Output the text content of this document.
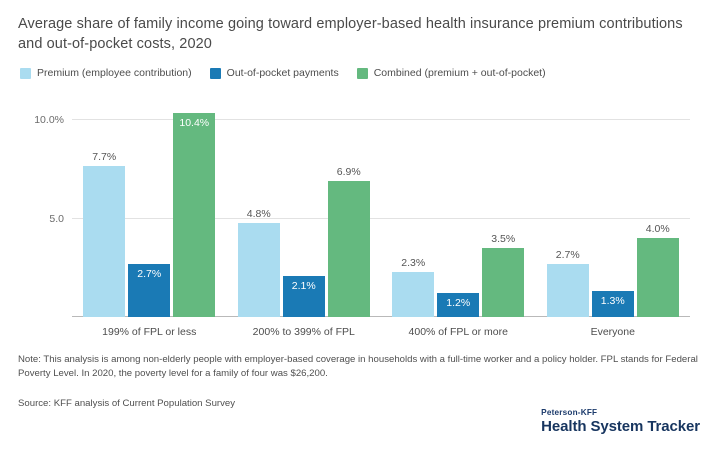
Average share of family income going toward employer-based health insurance premium contributions and out-of-pocket costs, 2020
Premium (employee contribution)	Out-of-pocket payments	Combined (premium + out-of-pocket)
10.0%
5.0
7.7%
2.7%
10.4%
4.8%
2.1%
6.9%
2.3%
1.2%
3.5%
2.7%
1.3%
4.0%
199% of FPL or less	200% to 399% of FPL	400% of FPL or more	Everyone
Note: This analysis is among non-elderly people with employer-based coverage in households with a full-time worker and a policy holder. FPL stands for Federal Poverty Level. In 2020, the poverty level for a family of four was $26,200.
Source: KFF analysis of Current Population Survey
Peterson-KFF
Health System Tracker
